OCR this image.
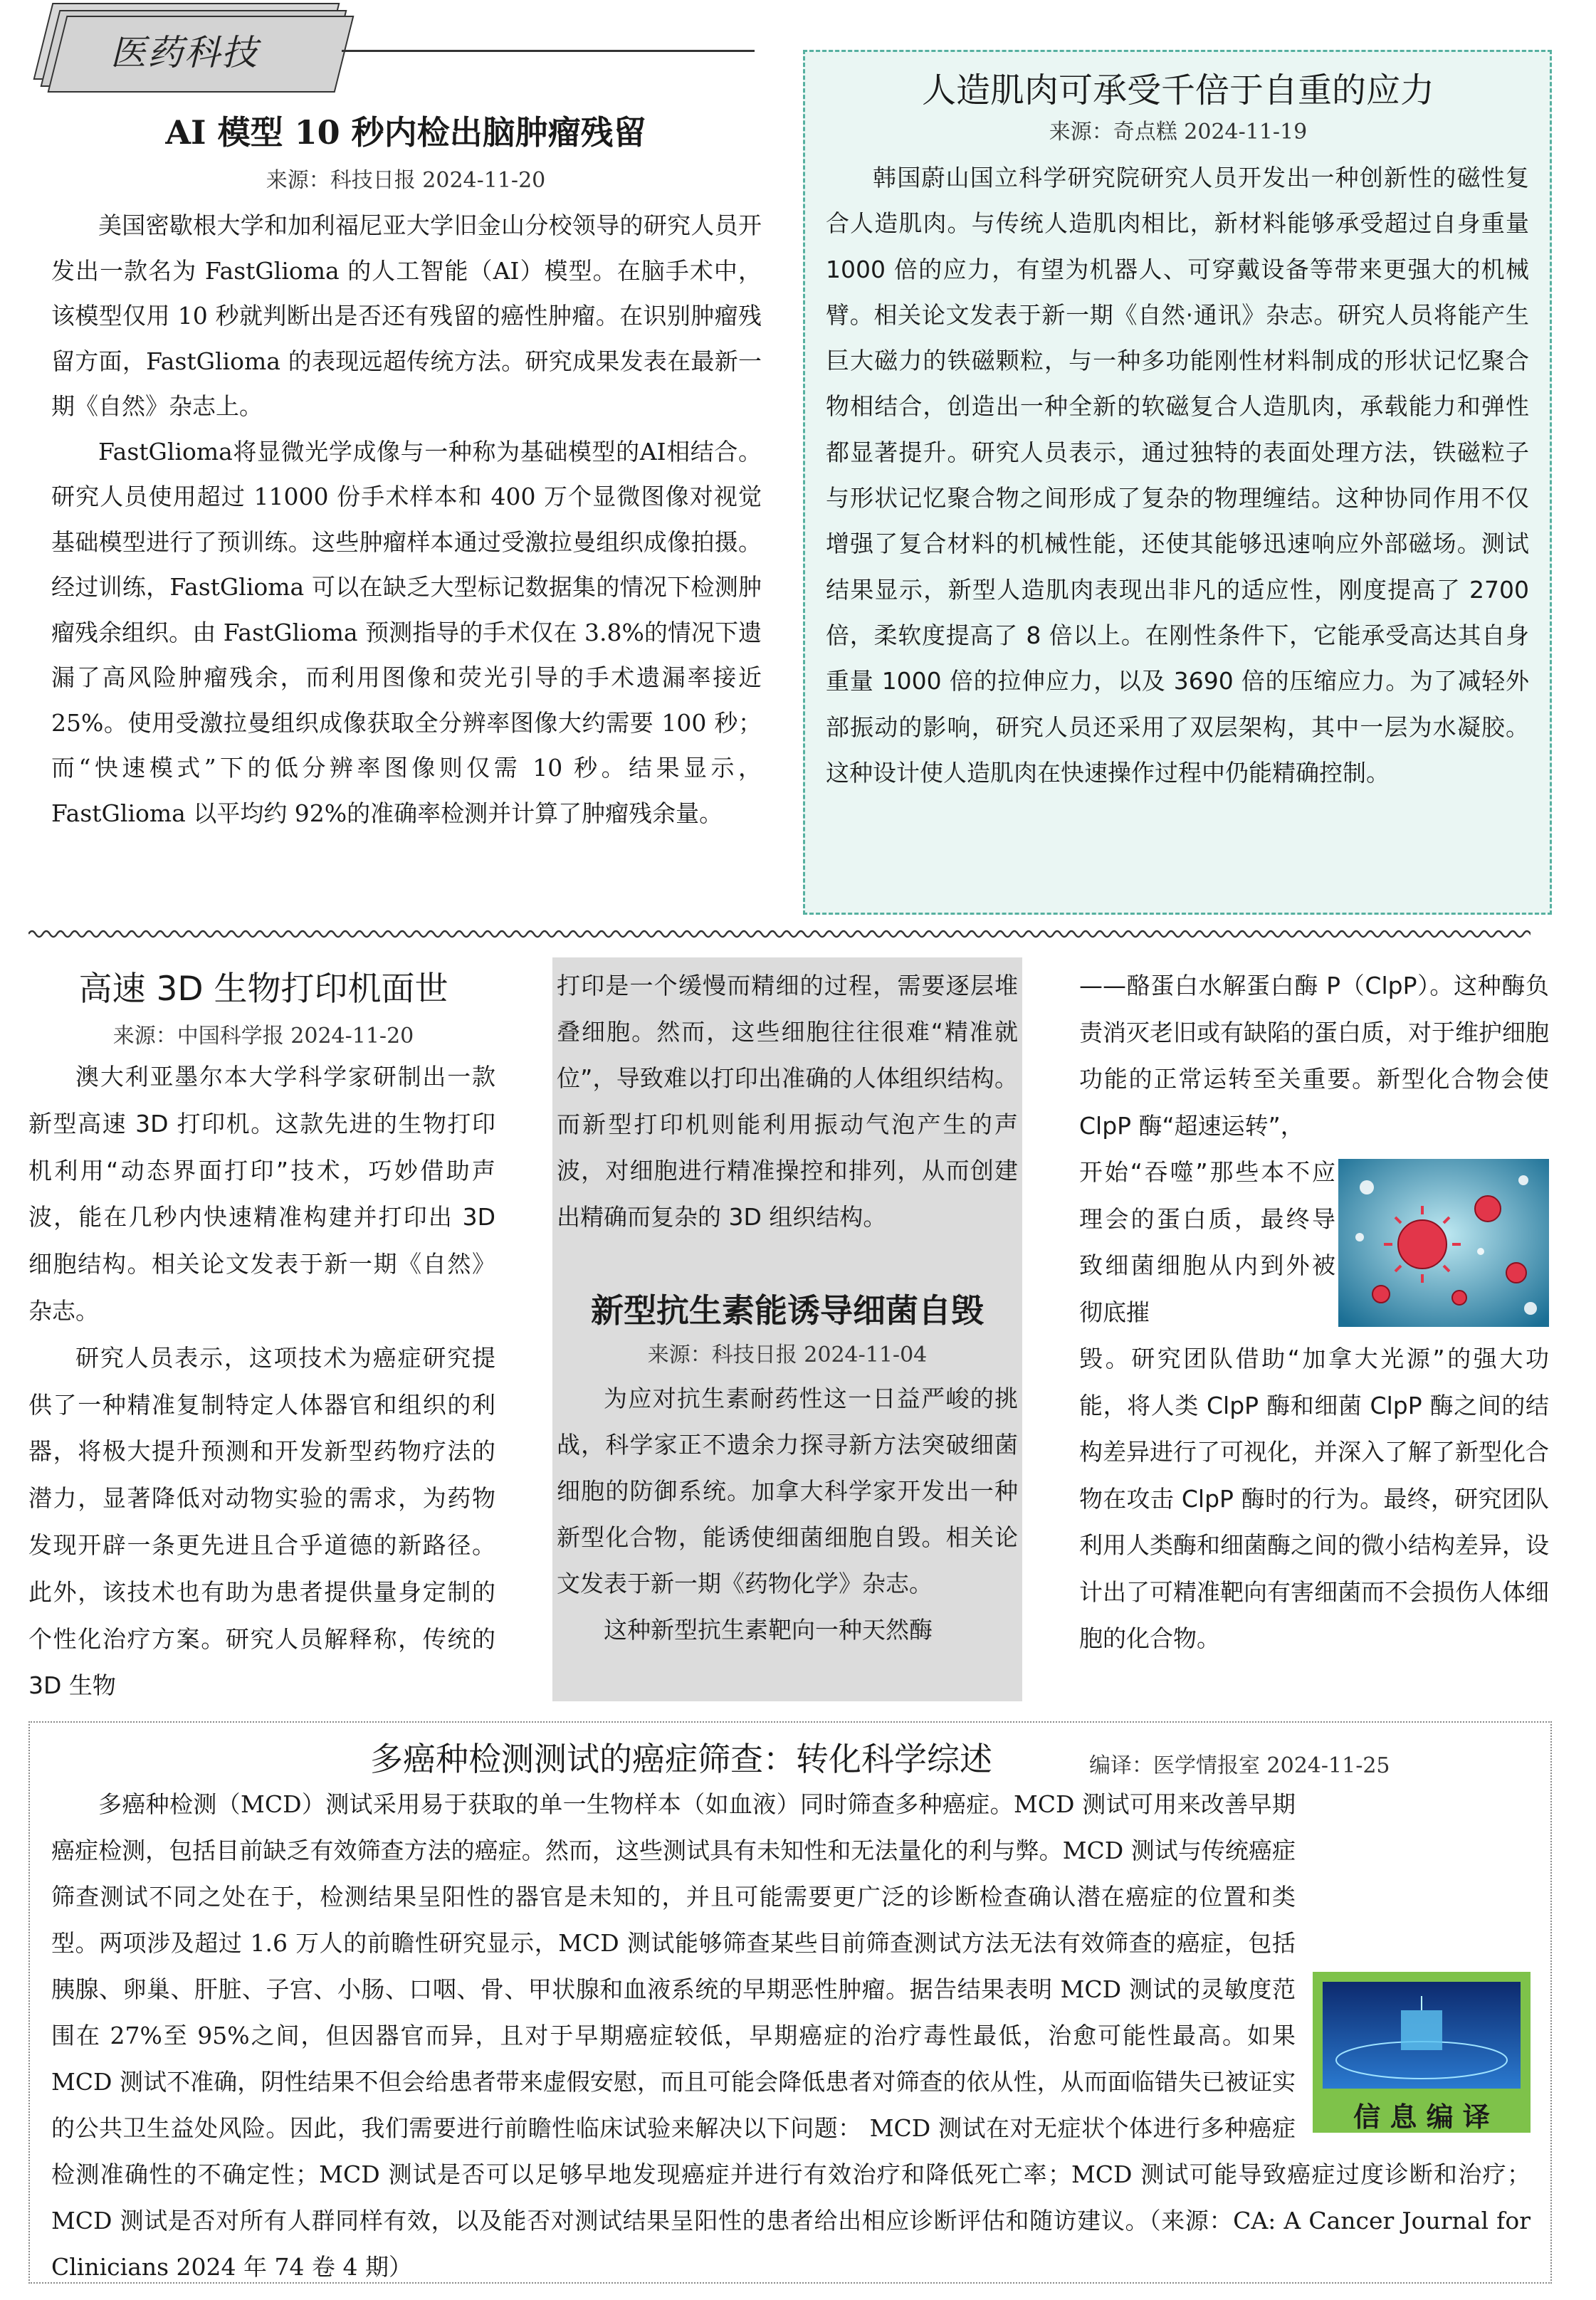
医药科技
AI 模型 10 秒内检出脑肿瘤残留

来源：科技日报 2024-11-20

美国密歇根大学和加利福尼亚大学旧金山分校领导的研究人员开发出一款名为 FastGlioma 的人工智能（AI）模型。在脑手术中，该模型仅用 10 秒就判断出是否还有残留的癌性肿瘤。在识别肿瘤残留方面，FastGlioma 的表现远超传统方法。研究成果发表在最新一期《自然》杂志上。

FastGlioma将显微光学成像与一种称为基础模型的AI相结合。研究人员使用超过 11000 份手术样本和 400 万个显微图像对视觉基础模型进行了预训练。这些肿瘤样本通过受激拉曼组织成像拍摄。经过训练，FastGlioma 可以在缺乏大型标记数据集的情况下检测肿瘤残余组织。由 FastGlioma 预测指导的手术仅在 3.8%的情况下遗漏了高风险肿瘤残余，而利用图像和荧光引导的手术遗漏率接近 25%。使用受激拉曼组织成像获取全分辨率图像大约需要 100 秒；而“快速模式”下的低分辨率图像则仅需 10 秒。结果显示，FastGlioma 以平均约 92%的准确率检测并计算了肿瘤残余量。

人造肌肉可承受千倍于自重的应力

来源：奇点糕 2024-11-19

韩国蔚山国立科学研究院研究人员开发出一种创新性的磁性复合人造肌肉。与传统人造肌肉相比，新材料能够承受超过自身重量 1000 倍的应力，有望为机器人、可穿戴设备等带来更强大的机械臂。相关论文发表于新一期《自然·通讯》杂志。研究人员将能产生巨大磁力的铁磁颗粒，与一种多功能刚性材料制成的形状记忆聚合物相结合，创造出一种全新的软磁复合人造肌肉，承载能力和弹性都显著提升。研究人员表示，通过独特的表面处理方法，铁磁粒子与形状记忆聚合物之间形成了复杂的物理缠结。这种协同作用不仅增强了复合材料的机械性能，还使其能够迅速响应外部磁场。测试结果显示，新型人造肌肉表现出非凡的适应性，刚度提高了 2700 倍，柔软度提高了 8 倍以上。在刚性条件下，它能承受高达其自身重量 1000 倍的拉伸应力，以及 3690 倍的压缩应力。为了减轻外部振动的影响，研究人员还采用了双层架构，其中一层为水凝胶。这种设计使人造肌肉在快速操作过程中仍能精确控制。

高速 3D 生物打印机面世

来源：中国科学报 2024-11-20

澳大利亚墨尔本大学科学家研制出一款新型高速 3D 打印机。这款先进的生物打印机利用“动态界面打印”技术，巧妙借助声波，能在几秒内快速精准构建并打印出 3D 细胞结构。相关论文发表于新一期《自然》杂志。

研究人员表示，这项技术为癌症研究提供了一种精准复制特定人体器官和组织的利器，将极大提升预测和开发新型药物疗法的潜力，显著降低对动物实验的需求，为药物发现开辟一条更先进且合乎道德的新路径。此外，该技术也有助为患者提供量身定制的个性化治疗方案。研究人员解释称，传统的 3D 生物

打印是一个缓慢而精细的过程，需要逐层堆叠细胞。然而，这些细胞往往很难“精准就位”，导致难以打印出准确的人体组织结构。而新型打印机则能利用振动气泡产生的声波，对细胞进行精准操控和排列，从而创建出精确而复杂的 3D 组织结构。

新型抗生素能诱导细菌自毁

来源：科技日报 2024-11-04

为应对抗生素耐药性这一日益严峻的挑战，科学家正不遗余力探寻新方法突破细菌细胞的防御系统。加拿大科学家开发出一种新型化合物，能诱使细菌细胞自毁。相关论文发表于新一期《药物化学》杂志。

这种新型抗生素靶向一种天然酶

——酪蛋白水解蛋白酶 P（ClpP）。这种酶负责消灭老旧或有缺陷的蛋白质，对于维护细胞功能的正常运转至关重要。新型化合物会使 ClpP 酶“超速运转”，

开始“吞噬”那些本不应理会的蛋白质，最终导致细菌细胞从内到外被彻底摧

毁。研究团队借助“加拿大光源”的强大功能，将人类 ClpP 酶和细菌 ClpP 酶之间的结构差异进行了可视化，并深入了解了新型化合物在攻击 ClpP 酶时的行为。最终，研究团队利用人类酶和细菌酶之间的微小结构差异，设计出了可精准靶向有害细菌而不会损伤人体细胞的化合物。

多癌种检测测试的癌症筛查：转化科学综述	编译：医学情报室 2024-11-25

信 息 编 译

多癌种检测（MCD）测试采用易于获取的单一生物样本（如血液）同时筛查多种癌症。MCD 测试可用来改善早期癌症检测，包括目前缺乏有效筛查方法的癌症。然而，这些测试具有未知性和无法量化的利与弊。MCD 测试与传统癌症筛查测试不同之处在于，检测结果呈阳性的器官是未知的，并且可能需要更广泛的诊断检查确认潜在癌症的位置和类型。两项涉及超过 1.6 万人的前瞻性研究显示，MCD 测试能够筛查某些目前筛查测试方法无法有效筛查的癌症，包括胰腺、卵巢、肝脏、子宫、小肠、口咽、骨、甲状腺和血液系统的早期恶性肿瘤。据告结果表明 MCD 测试的灵敏度范围在 27%至 95%之间，但因器官而异，且对于早期癌症较低，早期癌症的治疗毒性最低，治愈可能性最高。如果 MCD 测试不准确，阴性结果不但会给患者带来虚假安慰，而且可能会降低患者对筛查的依从性，从而面临错失已被证实的公共卫生益处风险。因此，我们需要进行前瞻性临床试验来解决以下问题： MCD 测试在对无症状个体进行多种癌症检测准确性的不确定性；MCD 测试是否可以足够早地发现癌症并进行有效治疗和降低死亡率；MCD 测试可能导致癌症过度诊断和治疗；MCD 测试是否对所有人群同样有效，以及能否对测试结果呈阳性的患者给出相应诊断评估和随访建议。（来源：CA: A Cancer Journal for Clinicians 2024 年 74 卷 4 期）
